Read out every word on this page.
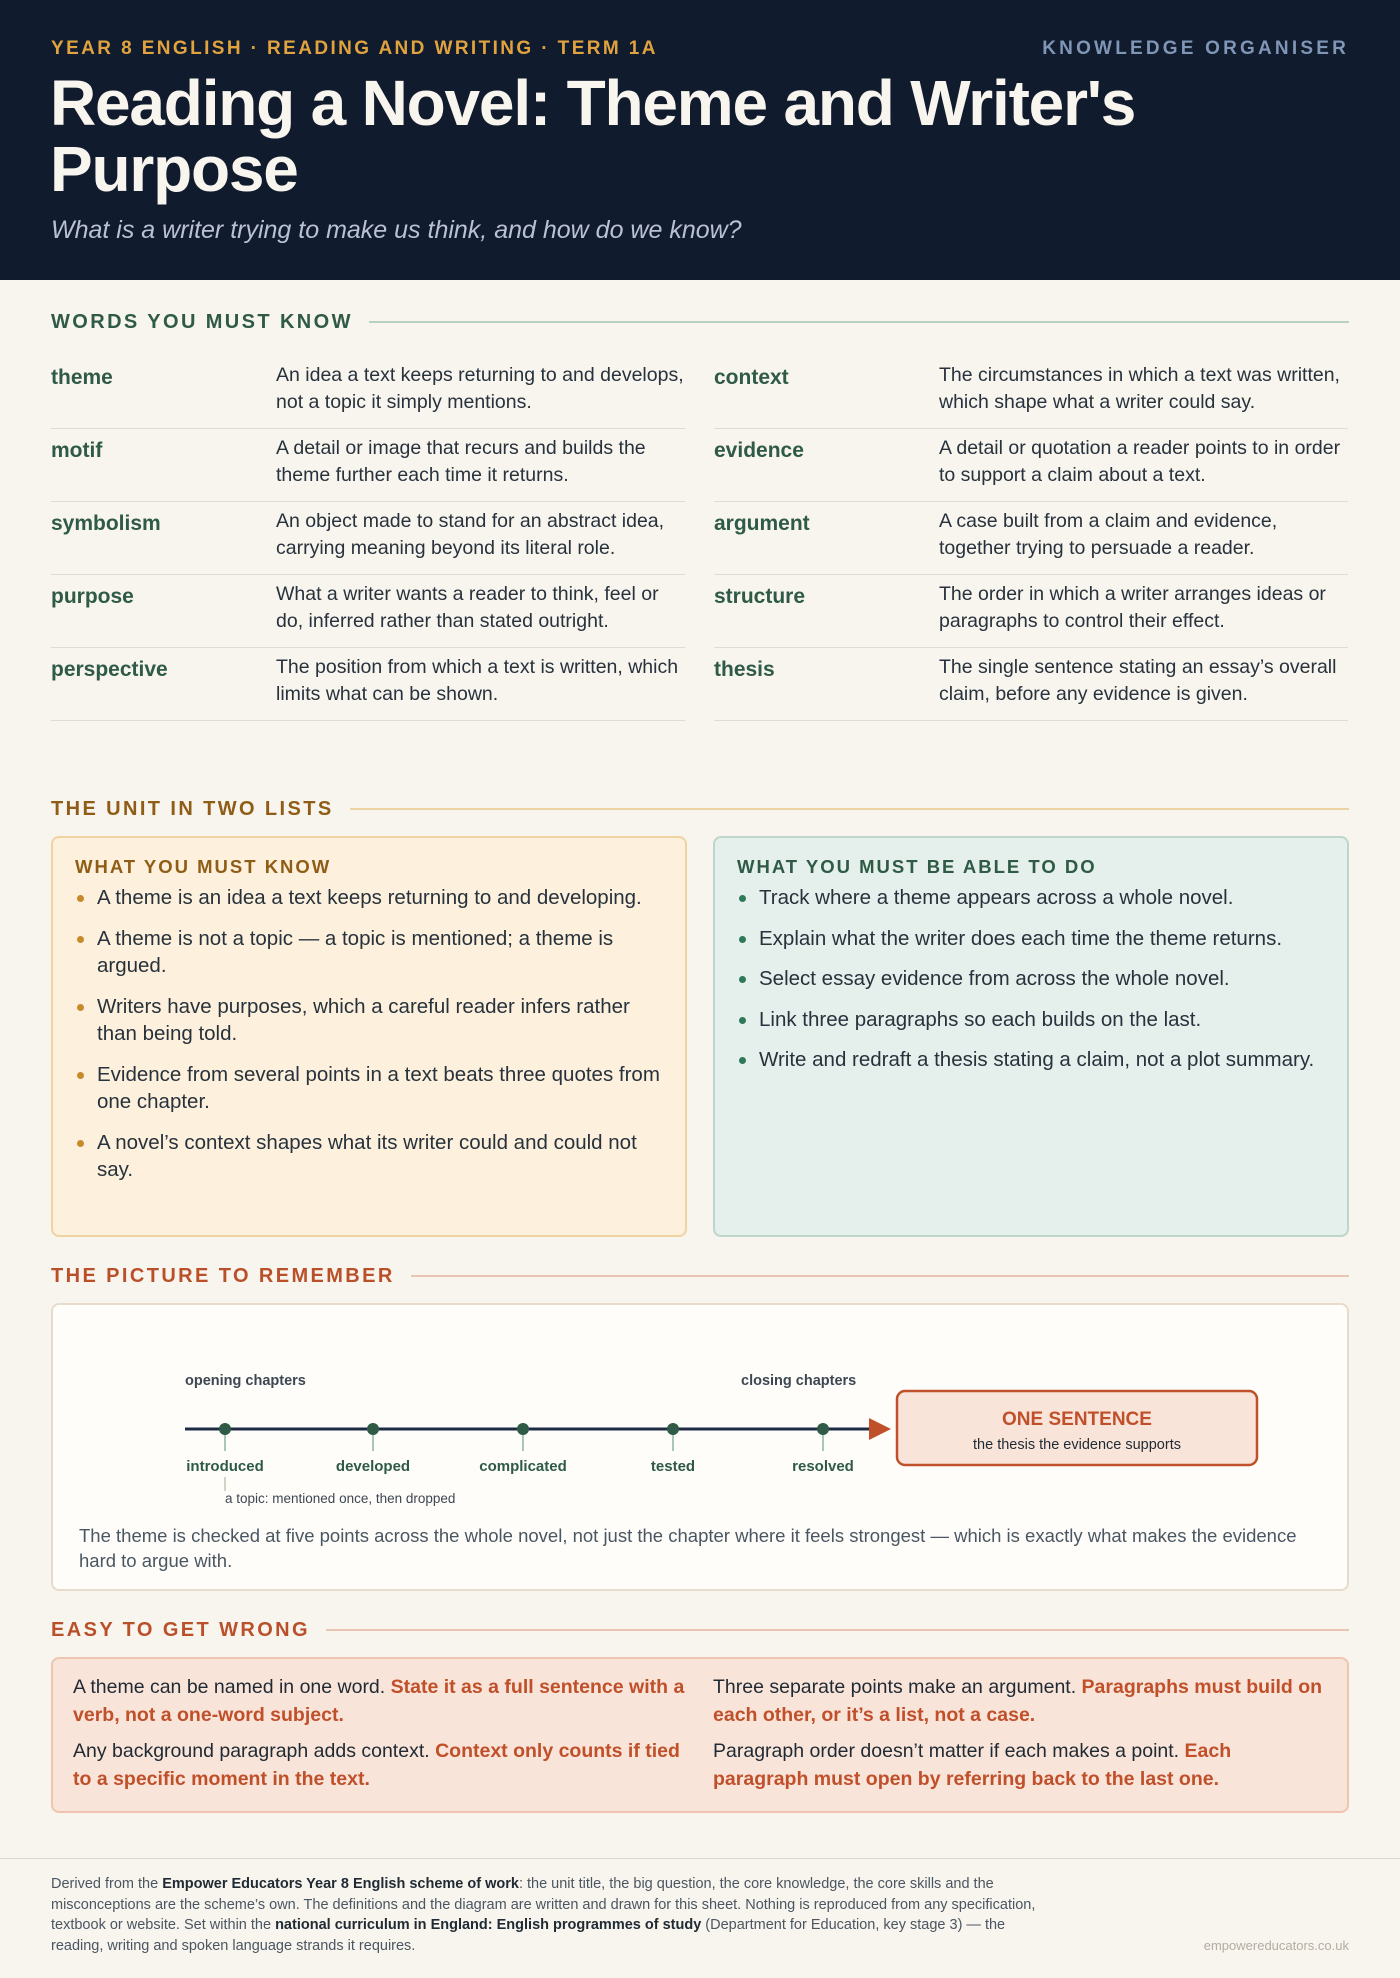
YEAR 8 ENGLISH · READING AND WRITING · TERM 1A	KNOWLEDGE ORGANISER
Reading a Novel: Theme and Writer's Purpose
What is a writer trying to make us think, and how do we know?
WORDS YOU MUST KNOW
theme	An idea a text keeps returning to and develops, not a topic it simply mentions.
motif	A detail or image that recurs and builds the theme further each time it returns.
symbolism	An object made to stand for an abstract idea, carrying meaning beyond its literal role.
purpose	What a writer wants a reader to think, feel or do, inferred rather than stated outright.
perspective	The position from which a text is written, which limits what can be shown.
context	The circumstances in which a text was written, which shape what a writer could say.
evidence	A detail or quotation a reader points to in order to support a claim about a text.
argument	A case built from a claim and evidence, together trying to persuade a reader.
structure	The order in which a writer arranges ideas or paragraphs to control their effect.
thesis	The single sentence stating an essay’s overall claim, before any evidence is given.
THE UNIT IN TWO LISTS
WHAT YOU MUST KNOW
A theme is an idea a text keeps returning to and developing.
A theme is not a topic — a topic is mentioned; a theme is argued.
Writers have purposes, which a careful reader infers rather than being told.
Evidence from several points in a text beats three quotes from one chapter.
A novel’s context shapes what its writer could and could not say.
WHAT YOU MUST BE ABLE TO DO
Track where a theme appears across a whole novel.
Explain what the writer does each time the theme returns.
Select essay evidence from across the whole novel.
Link three paragraphs so each builds on the last.
Write and redraft a thesis stating a claim, not a plot summary.
THE PICTURE TO REMEMBER
opening chapters	closing chapters
introduced	developed	complicated	tested	resolved
a topic: mentioned once, then dropped
ONE SENTENCE
the thesis the evidence supports
The theme is checked at five points across the whole novel, not just the chapter where it feels strongest — which is exactly what makes the evidence hard to argue with.
EASY TO GET WRONG
A theme can be named in one word. State it as a full sentence with a verb, not a one-word subject.
Three separate points make an argument. Paragraphs must build on each other, or it’s a list, not a case.
Any background paragraph adds context. Context only counts if tied to a specific moment in the text.
Paragraph order doesn’t matter if each makes a point. Each paragraph must open by referring back to the last one.
Derived from the Empower Educators Year 8 English scheme of work: the unit title, the big question, the core knowledge, the core skills and the misconceptions are the scheme’s own. The definitions and the diagram are written and drawn for this sheet. Nothing is reproduced from any specification, textbook or website. Set within the national curriculum in England: English programmes of study (Department for Education, key stage 3) — the reading, writing and spoken language strands it requires.	empowereducators.co.uk
